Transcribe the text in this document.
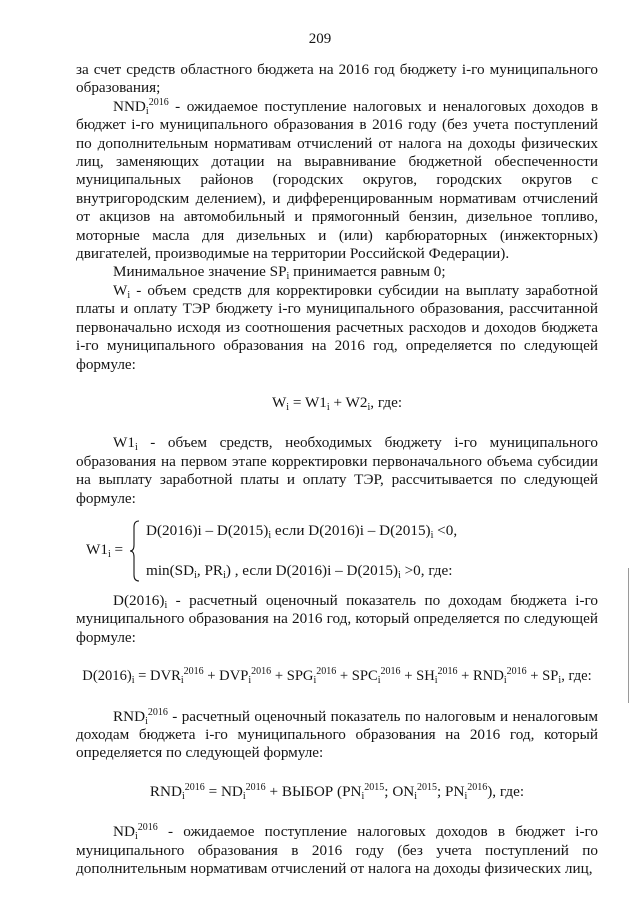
209

за счет средств областного бюджета на 2016 год бюджету i-го муниципального образования;

$NND_i^{2016}$ - ожидаемое поступление налоговых и неналоговых доходов в бюджет i-го муниципального образования в 2016 году (без учета поступлений по дополнительным нормативам отчислений от налога на доходы физических лиц, заменяющих дотации на выравнивание бюджетной обеспеченности муниципальных районов (городских округов, городских округов с внутригородским делением), и дифференцированным нормативам отчислений от акцизов на автомобильный и прямогонный бензин, дизельное топливо, моторные масла для дизельных и (или) карбюраторных (инжекторных) двигателей, производимые на территории Российской Федерации).

Минимальное значение $SP_i$ принимается равным 0;

$W_i$ - объем средств для корректировки субсидии на выплату заработной платы и оплату ТЭР бюджету i-го муниципального образования, рассчитанной первоначально исходя из соотношения расчетных расходов и доходов бюджета i-го муниципального образования на 2016 год, определяется по следующей формуле:

$W_i = W1_i + W2_i$, где:

$W1_i$ - объем средств, необходимых бюджету i-го муниципального образования на первом этапе корректировки первоначального объема субсидии на выплату заработной платы и оплату ТЭР, рассчитывается по следующей формуле:

$W1_i$ =
$D(2016)i - D(2015)_i$ если $D(2016)i - D(2015)_i <0$,
$\min(SD_i$, $PR_i$) , если $D(2016)i - D(2015)_i >0$, где:

$D(2016)_i$ - расчетный оценочный показатель по доходам бюджета i-го муниципального образования на 2016 год, который определяется по следующей формуле:

$D(2016)_i = DVR_i^{2016} + DVP_i^{2016} + SPG_i^{2016} + SPC_i^{2016} + SH_i^{2016} + RND_i^{2016} + SP_i$, где:

$RND_i^{2016}$ - расчетный оценочный показатель по налоговым и неналоговым доходам бюджета i-го муниципального образования на 2016 год, который определяется по следующей формуле:

$RND_i^{2016} = ND_i^{2016}$ + ВЫБОР ($PN_i^{2015}$; $ON_i^{2015}$; $PN_i^{2016}$), где:

$ND_i^{2016}$ - ожидаемое поступление налоговых доходов в бюджет i-го муниципального образования в 2016 году (без учета поступлений по дополнительным нормативам отчислений от налога на доходы физических лиц,
